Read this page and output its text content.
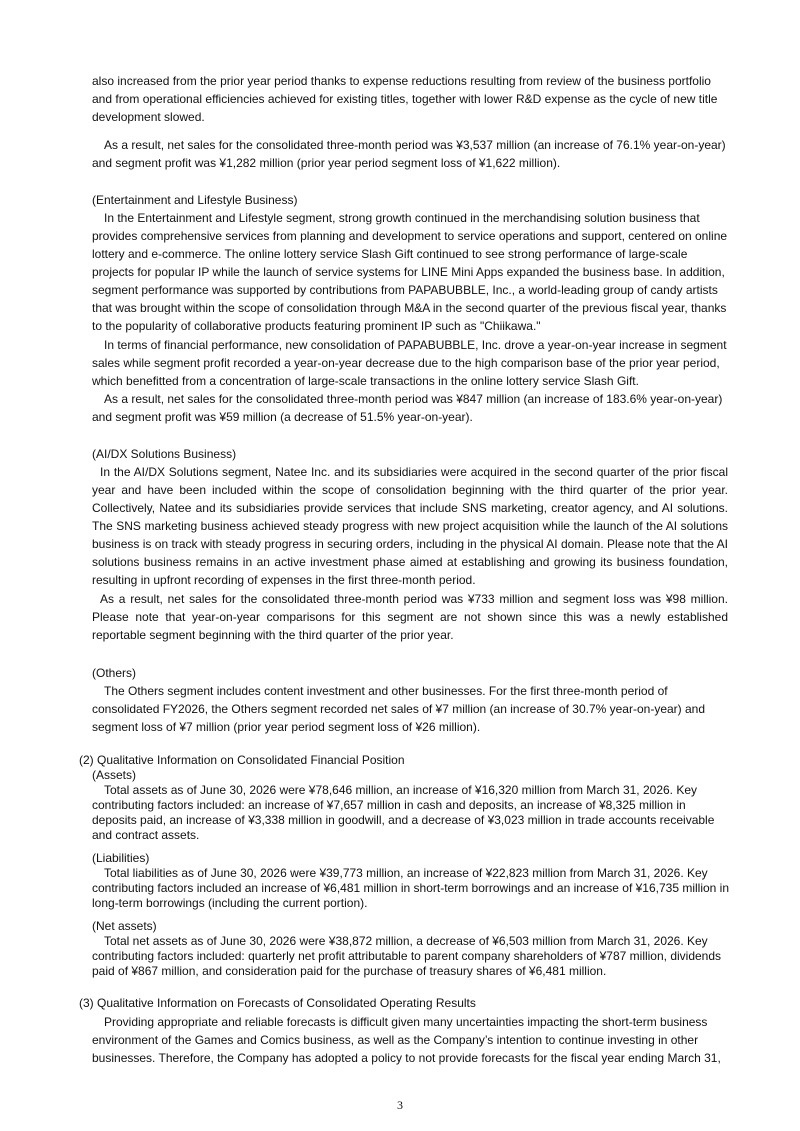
also increased from the prior year period thanks to expense reductions resulting from review of the business portfolio and from operational efficiencies achieved for existing titles, together with lower R&D expense as the cycle of new title development slowed.

As a result, net sales for the consolidated three-month period was ¥3,537 million (an increase of 76.1% year-on-year) and segment profit was ¥1,282 million (prior year period segment loss of ¥1,622 million).

(Entertainment and Lifestyle Business)

In the Entertainment and Lifestyle segment, strong growth continued in the merchandising solution business that provides comprehensive services from planning and development to service operations and support, centered on online lottery and e-commerce. The online lottery service Slash Gift continued to see strong performance of large-scale projects for popular IP while the launch of service systems for LINE Mini Apps expanded the business base. In addition, segment performance was supported by contributions from PAPABUBBLE, Inc., a world-leading group of candy artists that was brought within the scope of consolidation through M&A in the second quarter of the previous fiscal year, thanks to the popularity of collaborative products featuring prominent IP such as "Chiikawa."

In terms of financial performance, new consolidation of PAPABUBBLE, Inc. drove a year-on-year increase in segment sales while segment profit recorded a year-on-year decrease due to the high comparison base of the prior year period, which benefitted from a concentration of large-scale transactions in the online lottery service Slash Gift.

As a result, net sales for the consolidated three-month period was ¥847 million (an increase of 183.6% year-on-year) and segment profit was ¥59 million (a decrease of 51.5% year-on-year).

(AI/DX Solutions Business)

In the AI/DX Solutions segment, Natee Inc. and its subsidiaries were acquired in the second quarter of the prior fiscal year and have been included within the scope of consolidation beginning with the third quarter of the prior year. Collectively, Natee and its subsidiaries provide services that include SNS marketing, creator agency, and AI solutions. The SNS marketing business achieved steady progress with new project acquisition while the launch of the AI solutions business is on track with steady progress in securing orders, including in the physical AI domain. Please note that the AI solutions business remains in an active investment phase aimed at establishing and growing its business foundation, resulting in upfront recording of expenses in the first three-month period.

As a result, net sales for the consolidated three-month period was ¥733 million and segment loss was ¥98 million. Please note that year-on-year comparisons for this segment are not shown since this was a newly established reportable segment beginning with the third quarter of the prior year.

(Others)

The Others segment includes content investment and other businesses. For the first three-month period of consolidated FY2026, the Others segment recorded net sales of ¥7 million (an increase of 30.7% year-on-year) and segment loss of ¥7 million (prior year period segment loss of ¥26 million).

(2) Qualitative Information on Consolidated Financial Position

(Assets)

Total assets as of June 30, 2026 were ¥78,646 million, an increase of ¥16,320 million from March 31, 2026. Key contributing factors included: an increase of ¥7,657 million in cash and deposits, an increase of ¥8,325 million in deposits paid, an increase of ¥3,338 million in goodwill, and a decrease of ¥3,023 million in trade accounts receivable and contract assets.

(Liabilities)

Total liabilities as of June 30, 2026 were ¥39,773 million, an increase of ¥22,823 million from March 31, 2026. Key contributing factors included an increase of ¥6,481 million in short-term borrowings and an increase of ¥16,735 million in long-term borrowings (including the current portion).

(Net assets)

Total net assets as of June 30, 2026 were ¥38,872 million, a decrease of ¥6,503 million from March 31, 2026. Key contributing factors included: quarterly net profit attributable to parent company shareholders of ¥787 million, dividends paid of ¥867 million, and consideration paid for the purchase of treasury shares of ¥6,481 million.

(3) Qualitative Information on Forecasts of Consolidated Operating Results

Providing appropriate and reliable forecasts is difficult given many uncertainties impacting the short-term business environment of the Games and Comics business, as well as the Company’s intention to continue investing in other businesses. Therefore, the Company has adopted a policy to not provide forecasts for the fiscal year ending March 31,

3
